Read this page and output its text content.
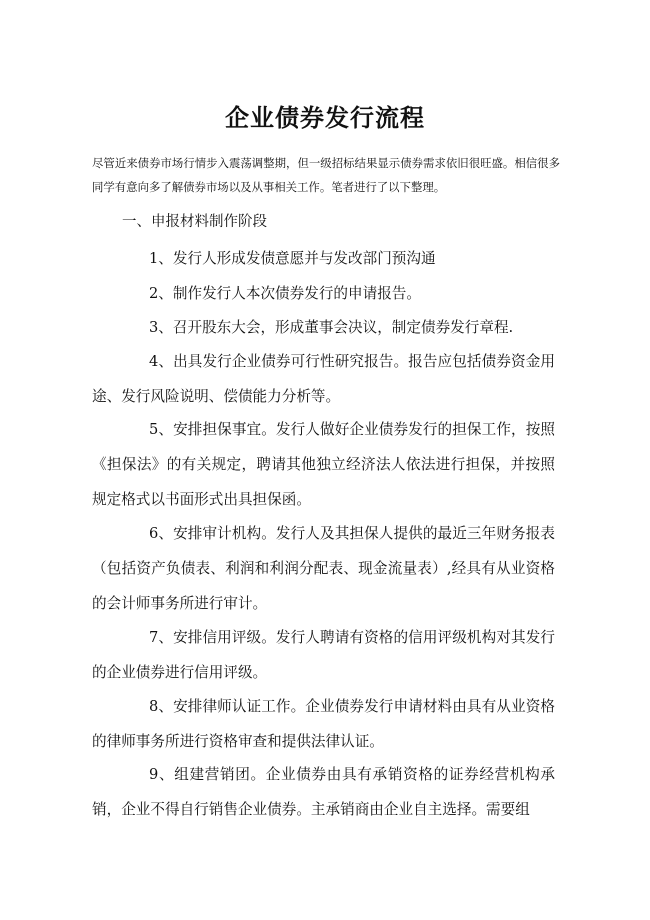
企业债券发行流程

尽管近来债券市场行情步入震荡调整期，但一级招标结果显示债券需求依旧很旺盛。相信很多同学有意向多了解债券市场以及从事相关工作。笔者进行了以下整理。

一、申报材料制作阶段

1、发行人形成发债意愿并与发改部门预沟通

2、制作发行人本次债券发行的申请报告。

3、召开股东大会，形成董事会决议，制定债券发行章程.

4、出具发行企业债券可行性研究报告。报告应包括债券资金用途、发行风险说明、偿债能力分析等。

5、安排担保事宜。发行人做好企业债券发行的担保工作，按照《担保法》的有关规定，聘请其他独立经济法人依法进行担保，并按照规定格式以书面形式出具担保函。

6、安排审计机构。发行人及其担保人提供的最近三年财务报表（包括资产负债表、利润和利润分配表、现金流量表）,经具有从业资格的会计师事务所进行审计。

7、安排信用评级。发行人聘请有资格的信用评级机构对其发行的企业债券进行信用评级。

8、安排律师认证工作。企业债券发行申请材料由具有从业资格的律师事务所进行资格审查和提供法律认证。

9、组建营销团。企业债券由具有承销资格的证券经营机构承销，企业不得自行销售企业债券。主承销商由企业自主选择。需要组
